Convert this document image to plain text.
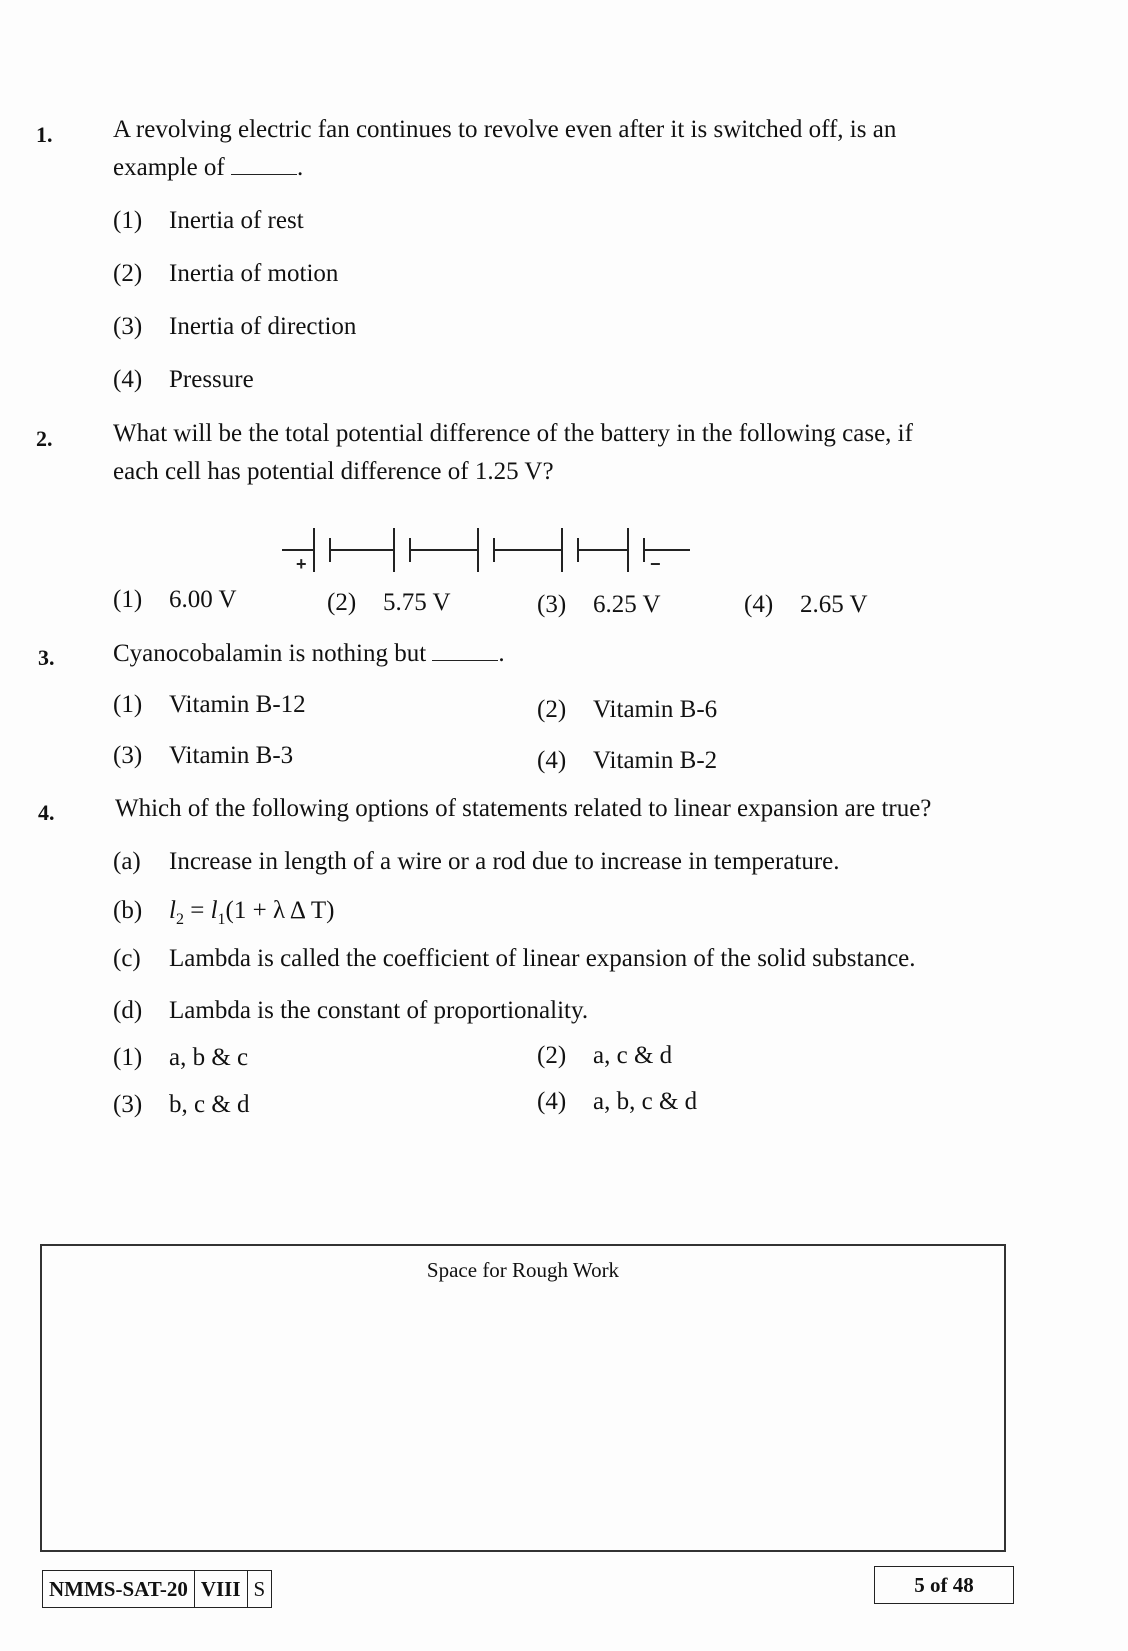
1. A revolving electric fan continues to revolve even after it is switched off, is an
example of	.
(1) Inertia of rest
(2) Inertia of motion
(3) Inertia of direction
(4) Pressure
2. What will be the total potential difference of the battery in the following case, if
each cell has potential difference of 1.25 V?
+	−
(1) 6.00 V	(2) 5.75 V	(3) 6.25 V	(4) 2.65 V
3. Cyanocobalamin is nothing but	.
(1) Vitamin B-12	(2) Vitamin B-6
(3) Vitamin B-3	(4) Vitamin B-2
4. Which of the following options of statements related to linear expansion are true?
(a) Increase in length of a wire or a rod due to increase in temperature.
(b) $l_2 = l_1(1 + \lambda$ Δ T)
(c) Lambda is called the coefficient of linear expansion of the solid substance.
(d) Lambda is the constant of proportionality.
(1) a, b & c	(2) a, c & d
(3) b, c & d	(4) a, b, c & d
Space for Rough Work
NMMS-SAT-20 VIII S	5 of 48
